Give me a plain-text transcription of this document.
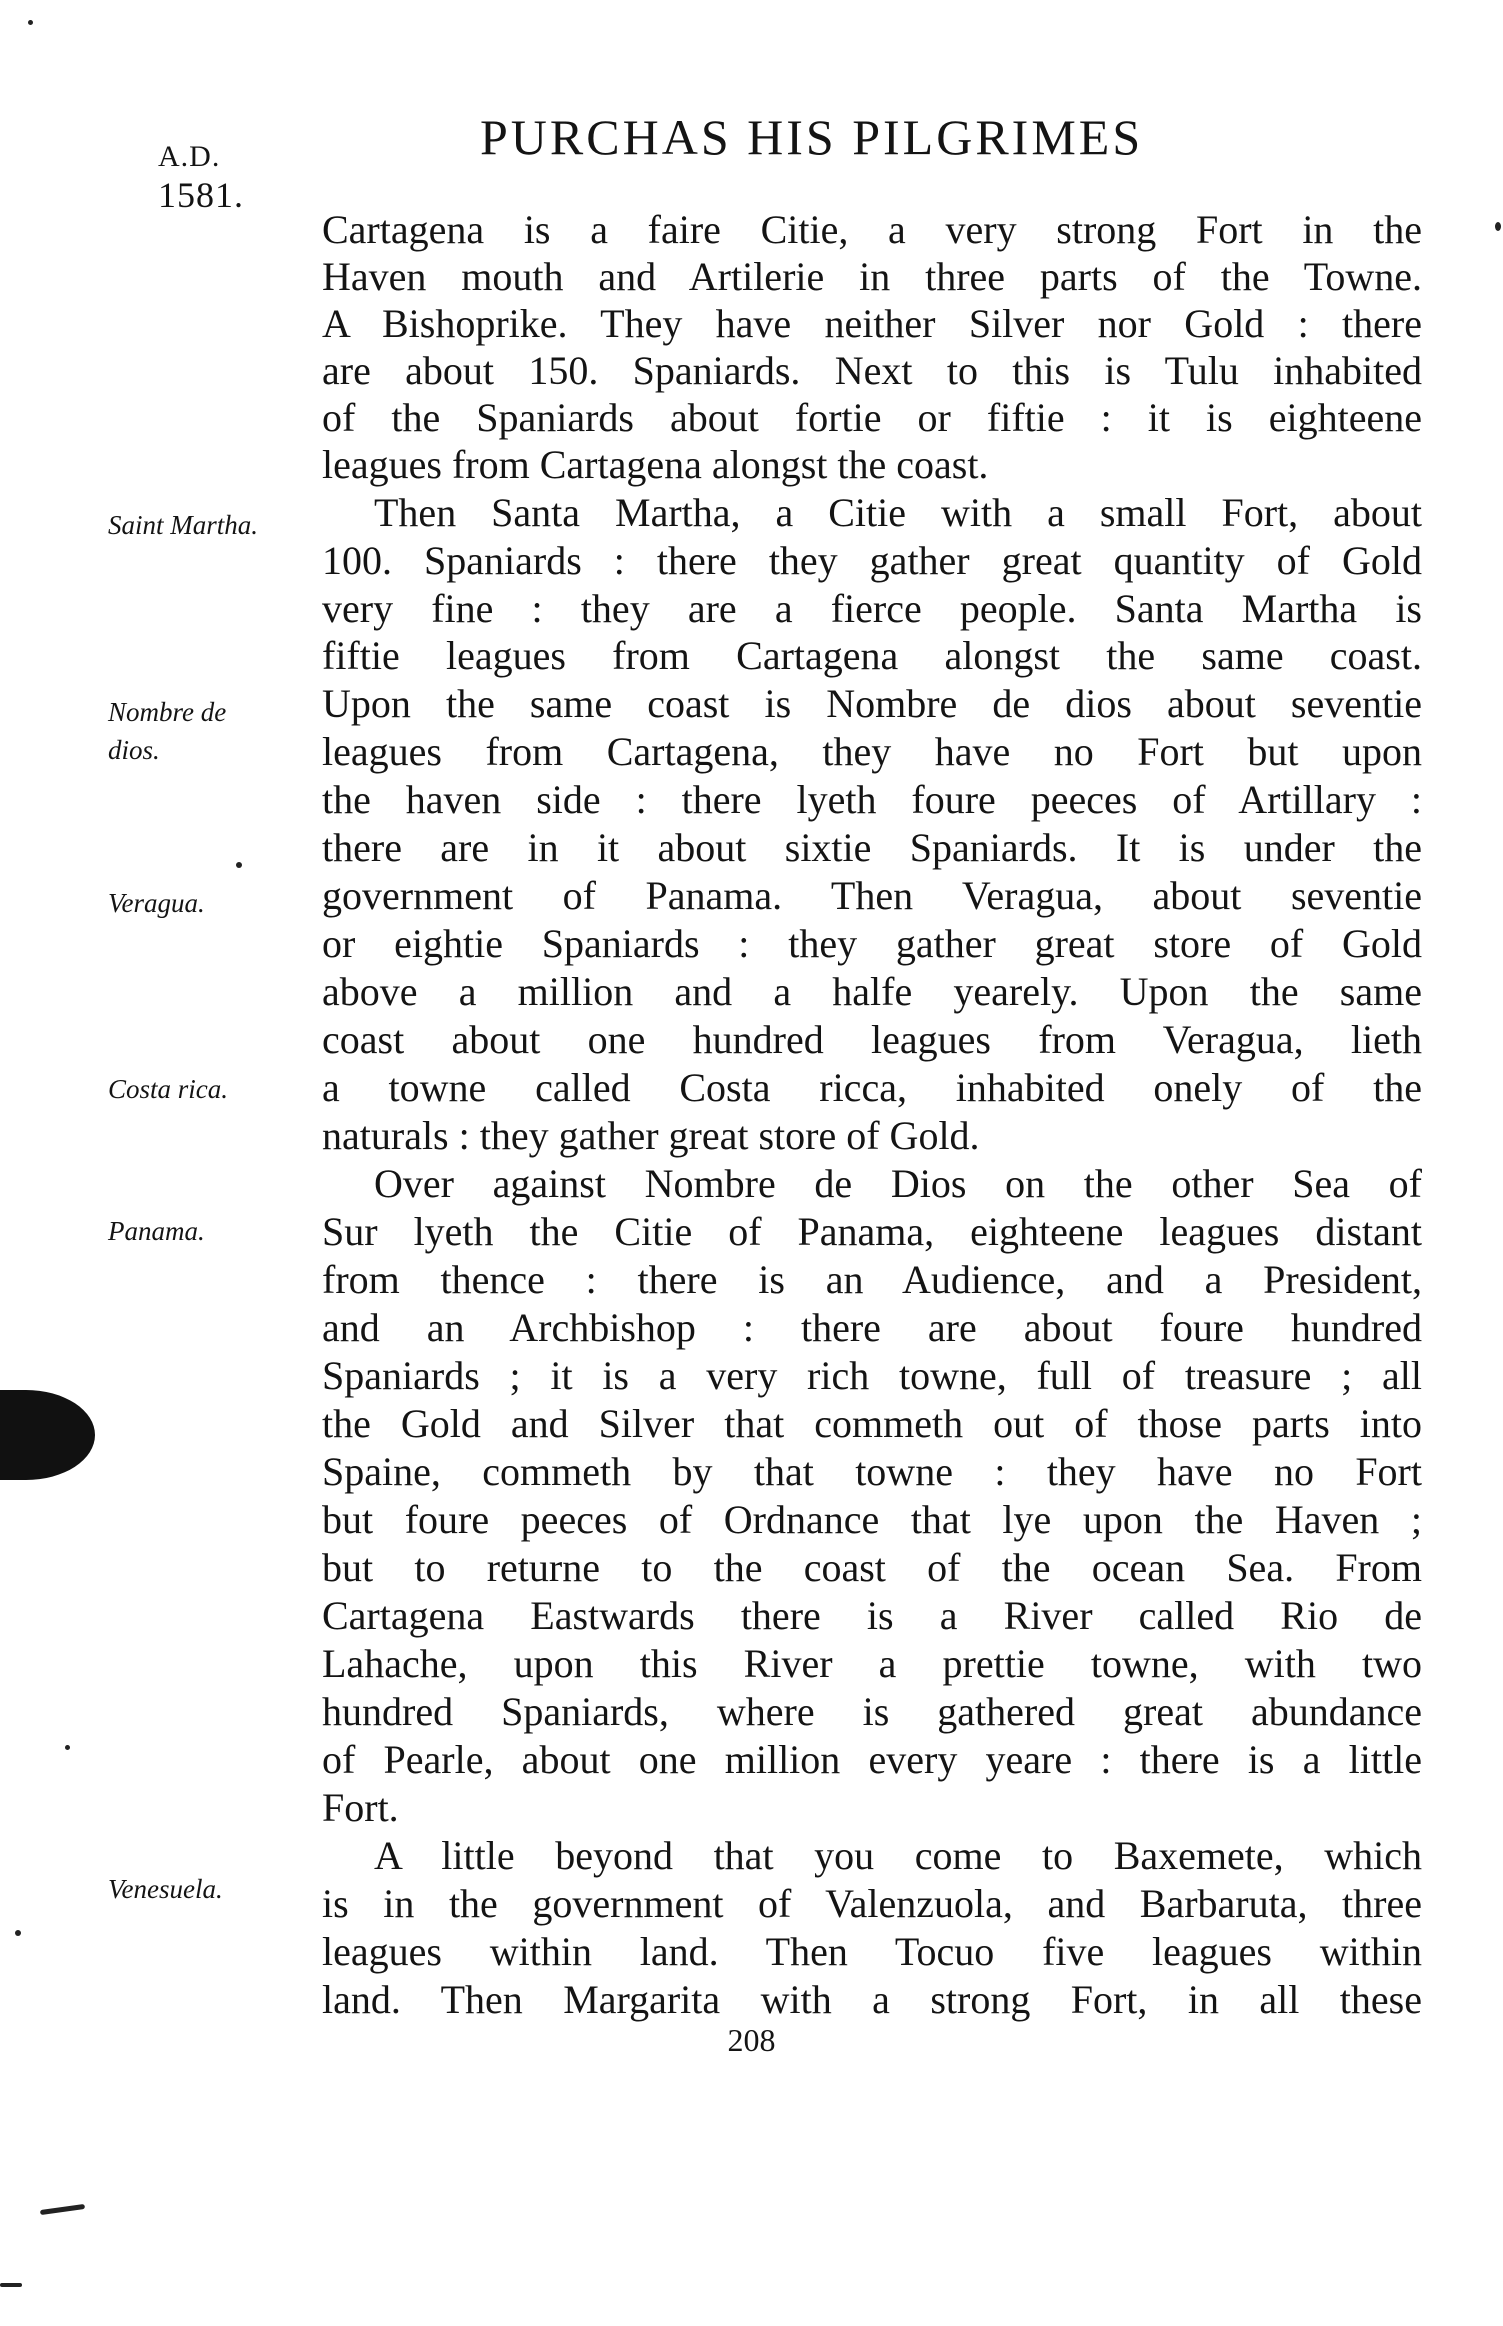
A.D.
1581.
PURCHAS HIS PILGRIMES
Saint Martha.
Nombre de dios.
Veragua.
Costa rica.
Panama.
Venesuela.
Cartagena is a faire Citie, a very strong Fort in the
Haven mouth and Artilerie in three parts of the Towne.
A Bishoprike. They have neither Silver nor Gold : there
are about 150. Spaniards. Next to this is Tulu inhabited
of the Spaniards about fortie or fiftie : it is eighteene
leagues from Cartagena alongst the coast.
Then Santa Martha, a Citie with a small Fort, about
100. Spaniards : there they gather great quantity of Gold
very fine : they are a fierce people. Santa Martha is
fiftie leagues from Cartagena alongst the same coast.
Upon the same coast is Nombre de dios about seventie
leagues from Cartagena, they have no Fort but upon
the haven side : there lyeth foure peeces of Artillary :
there are in it about sixtie Spaniards. It is under the
government of Panama. Then Veragua, about seventie
or eightie Spaniards : they gather great store of Gold
above a million and a halfe yearely. Upon the same
coast about one hundred leagues from Veragua, lieth
a towne called Costa ricca, inhabited onely of the
naturals : they gather great store of Gold.
Over against Nombre de Dios on the other Sea of
Sur lyeth the Citie of Panama, eighteene leagues distant
from thence : there is an Audience, and a President,
and an Archbishop : there are about foure hundred
Spaniards ; it is a very rich towne, full of treasure ; all
the Gold and Silver that commeth out of those parts into
Spaine, commeth by that towne : they have no Fort
but foure peeces of Ordnance that lye upon the Haven ;
but to returne to the coast of the ocean Sea. From
Cartagena Eastwards there is a River called Rio de
Lahache, upon this River a prettie towne, with two
hundred Spaniards, where is gathered great abundance
of Pearle, about one million every yeare : there is a little
Fort.
A little beyond that you come to Baxemete, which
is in the government of Valenzuola, and Barbaruta, three
leagues within land. Then Tocuo five leagues within
land. Then Margarita with a strong Fort, in all these
208
